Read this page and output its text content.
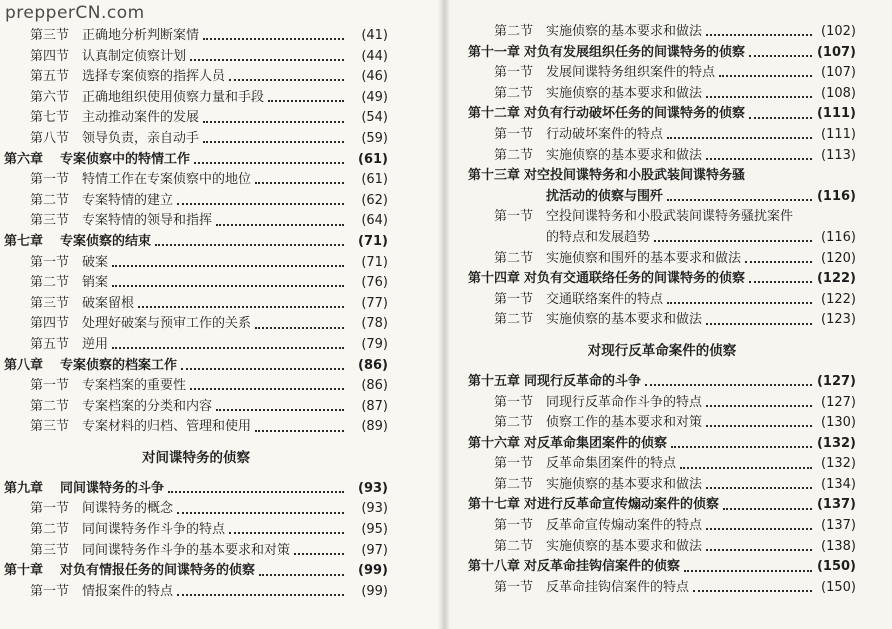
prepperCN.com
第三节 正确地分析判断案情	(41)
第四节 认真制定侦察计划	(44)
第五节 选择专案侦察的指挥人员	(46)
第六节 正确地组织使用侦察力量和手段	(49)
第七节 主动推动案件的发展	(54)
第八节 领导负责，亲自动手	(59)
第六章	专案侦察中的特情工作	(61)
第一节 特情工作在专案侦察中的地位	(61)
第二节 专案特情的建立	(62)
第三节 专案特情的领导和指挥	(64)
第七章	专案侦察的结束	(71)
第一节 破案	(71)
第二节 销案	(76)
第三节 破案留根	(77)
第四节 处理好破案与预审工作的关系	(78)
第五节 逆用	(79)
第八章	专案侦察的档案工作	(86)
第一节 专案档案的重要性	(86)
第二节 专案档案的分类和内容	(87)
第三节 专案材料的归档、管理和使用	(89)
对间谍特务的侦察
第九章	同间谍特务的斗争	(93)
第一节 间谍特务的概念	(93)
第二节 同间谍特务作斗争的特点	(95)
第三节 同间谍特务作斗争的基本要求和对策	(97)
第十章	对负有情报任务的间谍特务的侦察	(99)
第一节 情报案件的特点	(99)
第二节 实施侦察的基本要求和做法	(102)
第十一章 对负有发展组织任务的间谍特务的侦察	(107)
第一节 发展间谍特务组织案件的特点	(107)
第二节 实施侦察的基本要求和做法	(108)
第十二章 对负有行动破坏任务的间谍特务的侦察	(111)
第一节 行动破坏案件的特点	(111)
第二节 实施侦察的基本要求和做法	(113)
第十三章 对空投间谍特务和小股武装间谍特务骚
扰活动的侦察与围歼	(116)
第一节 空投间谍特务和小股武装间谍特务骚扰案件
的特点和发展趋势	(116)
第二节 实施侦察和围歼的基本要求和做法	(120)
第十四章 对负有交通联络任务的间谍特务的侦察	(122)
第一节 交通联络案件的特点	(122)
第二节 实施侦察的基本要求和做法	(123)
对现行反革命案件的侦察
第十五章 同现行反革命的斗争	(127)
第一节 同现行反革命作斗争的特点	(127)
第二节 侦察工作的基本要求和对策	(130)
第十六章 对反革命集团案件的侦察	(132)
第一节 反革命集团案件的特点	(132)
第二节 实施侦察的基本要求和做法	(134)
第十七章 对进行反革命宣传煽动案件的侦察	(137)
第一节 反革命宣传煽动案件的特点	(137)
第二节 实施侦察的基本要求和做法	(138)
第十八章 对反革命挂钩信案件的侦察	(150)
第一节 反革命挂钩信案件的特点	(150)
